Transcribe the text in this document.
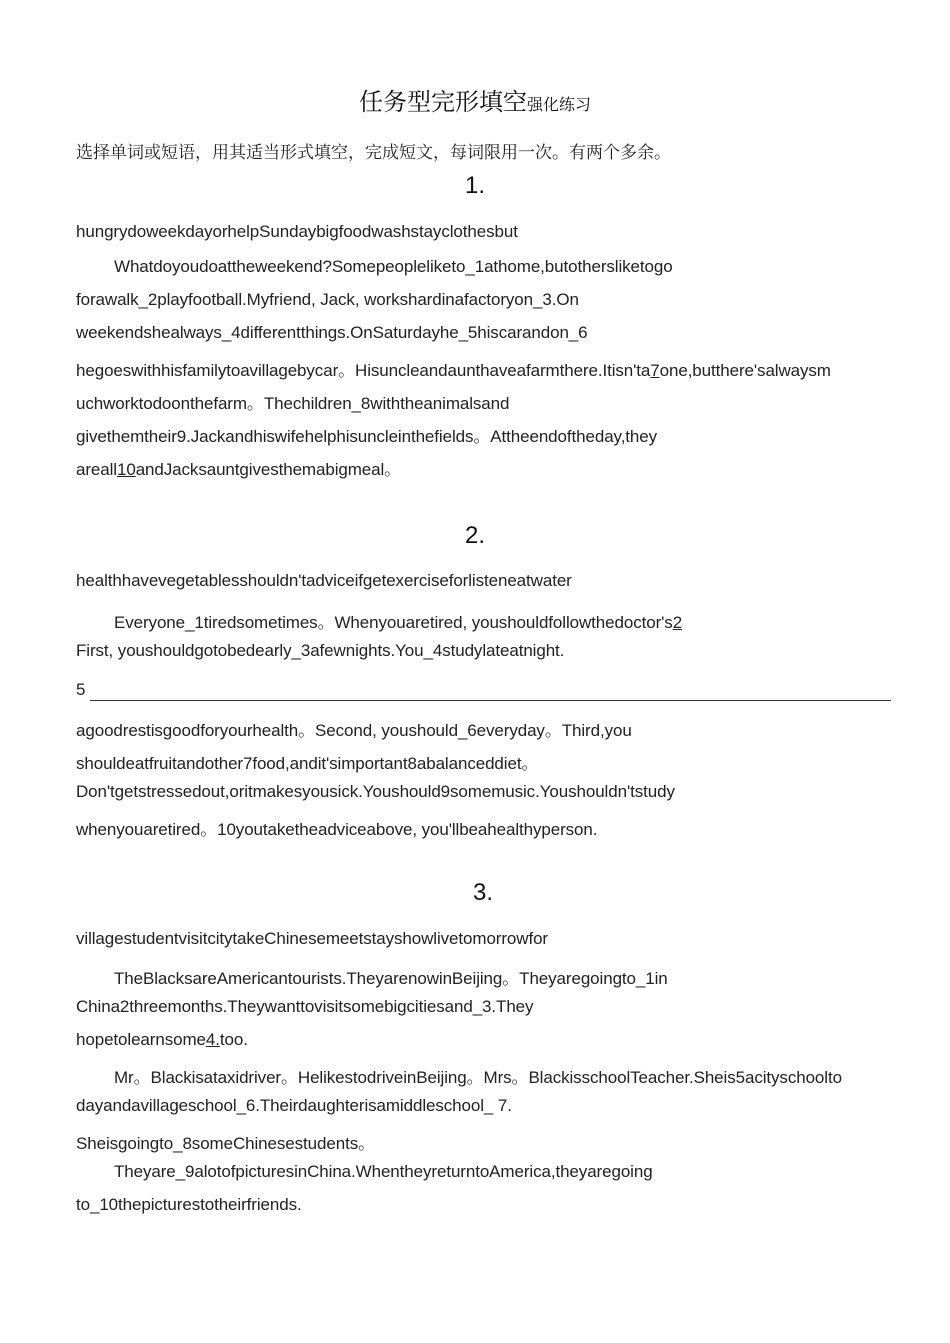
任务型完形填空强化练习
选择单词或短语，用其适当形式填空，完成短文，每词限用一次。有两个多余。
1.
hungrydoweekdayorhelpSundaybigfoodwashstayclothesbut
Whatdoyoudoattheweekend?Somepeopleliketo_1athome,butothersliketogo
forawalk_2playfootball.Myfriend, Jack, workshardinafactoryon_3.On
weekendshealways_4differentthings.OnSaturdayhe_5hiscarandon_6
hegoeswithhisfamilytoavillagebycar。Hisuncleandaunthaveafarmthere.Itisn'ta7one,butthere'salwaysm
uchworktodoonthefarm。Thechildren_8withtheanimalsand
givethemtheir9.Jackandhiswifehelphisuncleinthefields。Attheendoftheday,they
areall10andJacksauntgivesthemabigmeal。
2.
healthhavevegetablesshouldn'tadviceifgetexerciseforlisteneatwater
Everyone_1tiredsometimes。Whenyouaretired, youshouldfollowthedoctor's2
First, youshouldgotobedearly_3afewnights.You_4studylateatnight.
5
agoodrestisgoodforyourhealth。Second, youshould_6everyday。Third,you
shouldeatfruitandother7food,andit'simportant8abalanceddiet。
Don'tgetstressedout,oritmakesyousick.Youshould9somemusic.Youshouldn'tstudy
whenyouaretired。10youtaketheadviceabove, you'llbeahealthyperson.
3.
villagestudentvisitcitytakeChinesemeetstayshowlivetomorrowfor
TheBlacksareAmericantourists.TheyarenowinBeijing。Theyaregoingto_1in
China2threemonths.Theywanttovisitsomebigcitiesand_3.They
hopetolearnsome4.too.
Mr。Blackisataxidriver。HelikestodriveinBeijing。Mrs。BlackisschoolTeacher.Sheis5acityschoolto
dayandavillageschool_6.Theirdaughterisamiddleschool_ 7.
Sheisgoingto_8someChinesestudents。
Theyare_9alotofpicturesinChina.WhentheyreturntoAmerica,theyaregoing
to_10thepicturestotheirfriends.
